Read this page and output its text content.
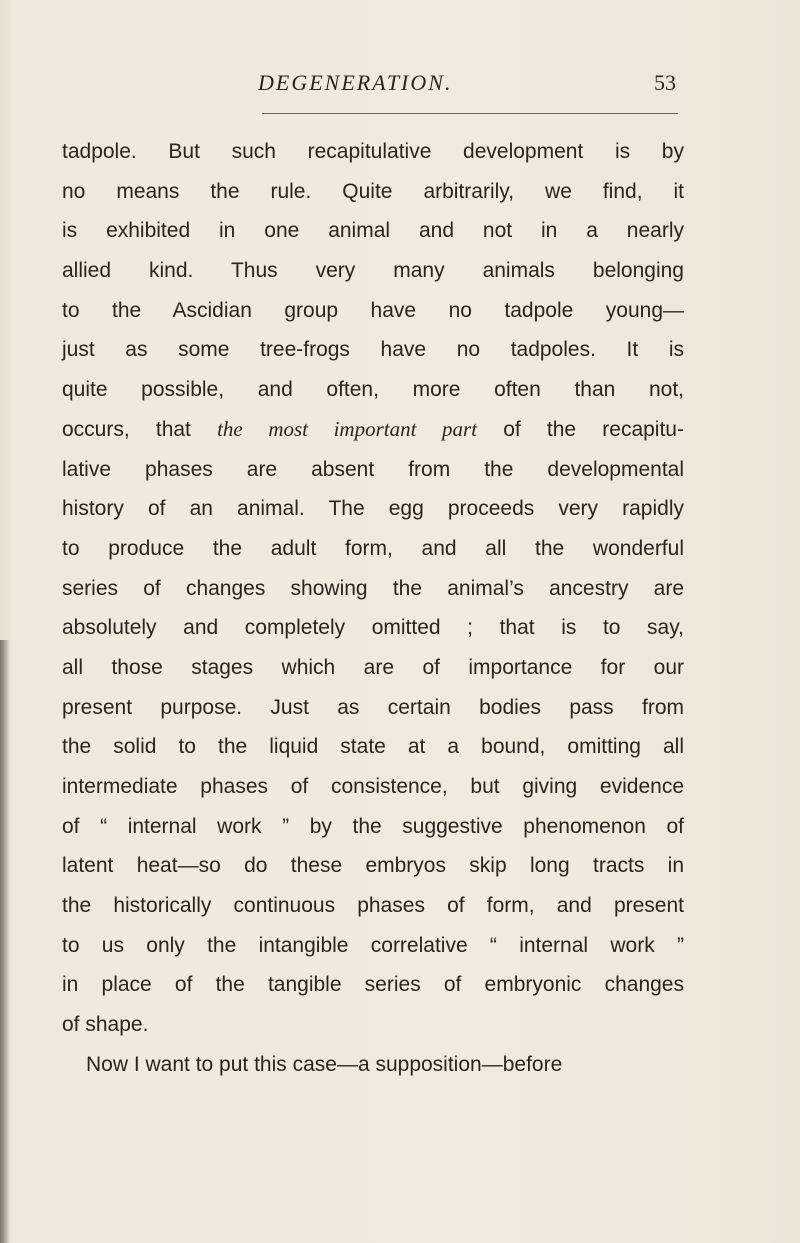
DEGENERATION.	53
tadpole. But such recapitulative development is by
no means the rule. Quite arbitrarily, we find, it
is exhibited in one animal and not in a nearly
allied kind. Thus very many animals belonging
to the Ascidian group have no tadpole young—
just as some tree-frogs have no tadpoles. It is
quite possible, and often, more often than not,
occurs, that the most important part of the recapitu-
lative phases are absent from the developmental
history of an animal. The egg proceeds very rapidly
to produce the adult form, and all the wonderful
series of changes showing the animal’s ancestry are
absolutely and completely omitted ; that is to say,
all those stages which are of importance for our
present purpose. Just as certain bodies pass from
the solid to the liquid state at a bound, omitting all
intermediate phases of consistence, but giving evidence
of “ internal work ” by the suggestive phenomenon of
latent heat—so do these embryos skip long tracts in
the historically continuous phases of form, and present
to us only the intangible correlative “ internal work ”
in place of the tangible series of embryonic changes
of shape.
Now I want to put this case—a supposition—before
